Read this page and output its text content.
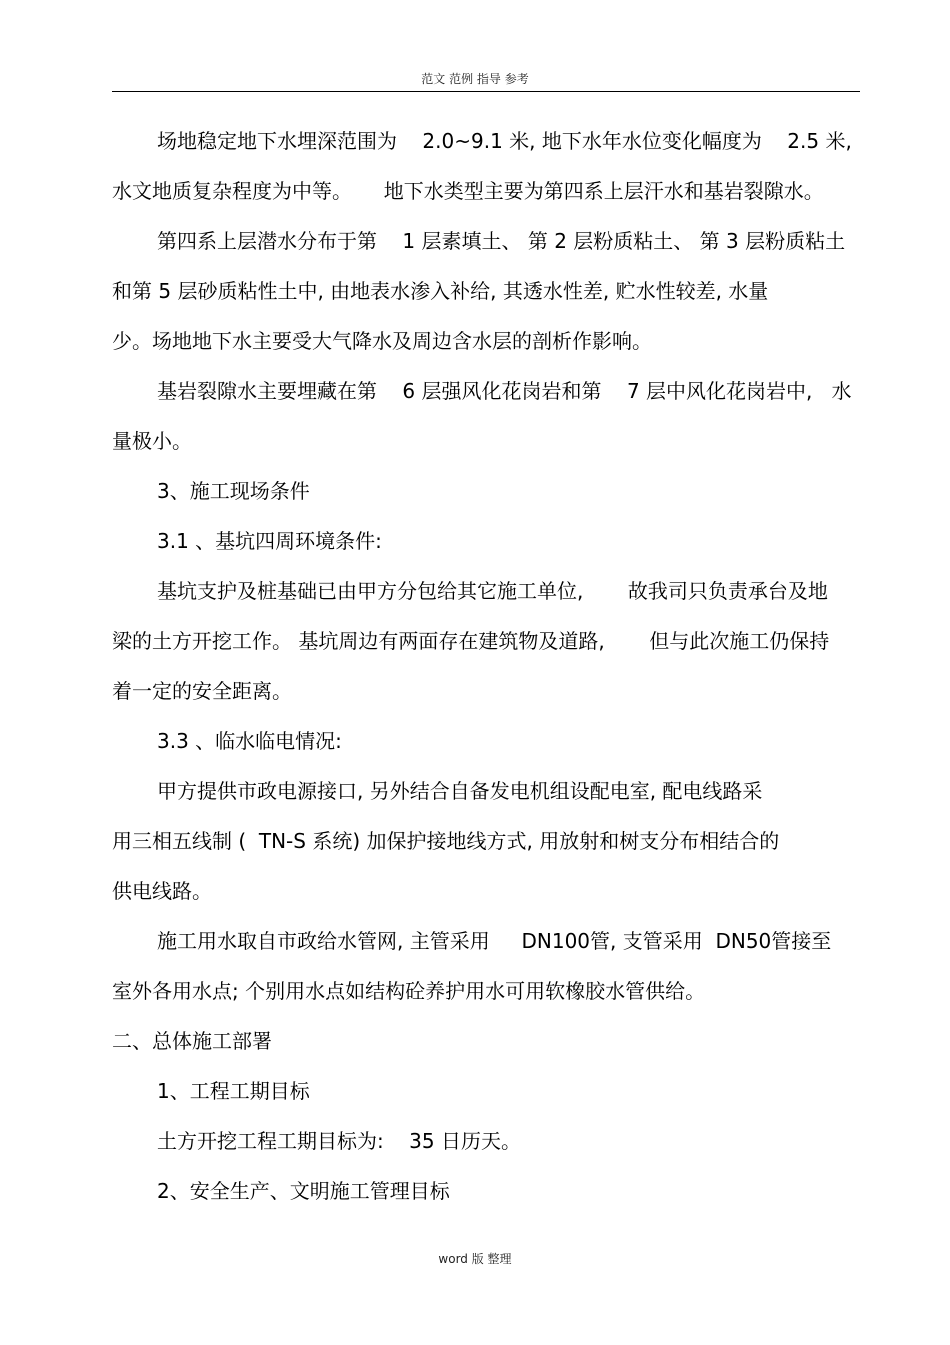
范文 范例 指导 参考
场地稳定地下水埋深范围为    2.0~9.1 米, 地下水年水位变化幅度为    2.5 米,
水文地质复杂程度为中等。     地下水类型主要为第四系上层汗水和基岩裂隙水。
第四系上层潜水分布于第    1 层素填土、 第 2 层粉质粘土、 第 3 层粉质粘土
和第 5 层砂质粘性土中, 由地表水渗入补给, 其透水性差, 贮水性较差, 水量
少。场地地下水主要受大气降水及周边含水层的剖析作影响。
基岩裂隙水主要埋藏在第    6 层强风化花岗岩和第    7 层中风化花岗岩中,   水
量极小。
3、施工现场条件
3.1 、基坑四周环境条件:
基坑支护及桩基础已由甲方分包给其它施工单位,       故我司只负责承台及地
梁的土方开挖工作。 基坑周边有两面存在建筑物及道路,       但与此次施工仍保持
着一定的安全距离。
3.3 、临水临电情况:
甲方提供市政电源接口, 另外结合自备发电机组设配电室, 配电线路采
用三相五线制 (  TN-S 系统) 加保护接地线方式, 用放射和树支分布相结合的
供电线路。
施工用水取自市政给水管网, 主管采用     DN100管, 支管采用  DN50管接至
室外各用水点; 个别用水点如结构砼养护用水可用软橡胶水管供给。
二、总体施工部署
1、工程工期目标
土方开挖工程工期目标为:    35 日历天。
2、安全生产、文明施工管理目标
word 版 整理
